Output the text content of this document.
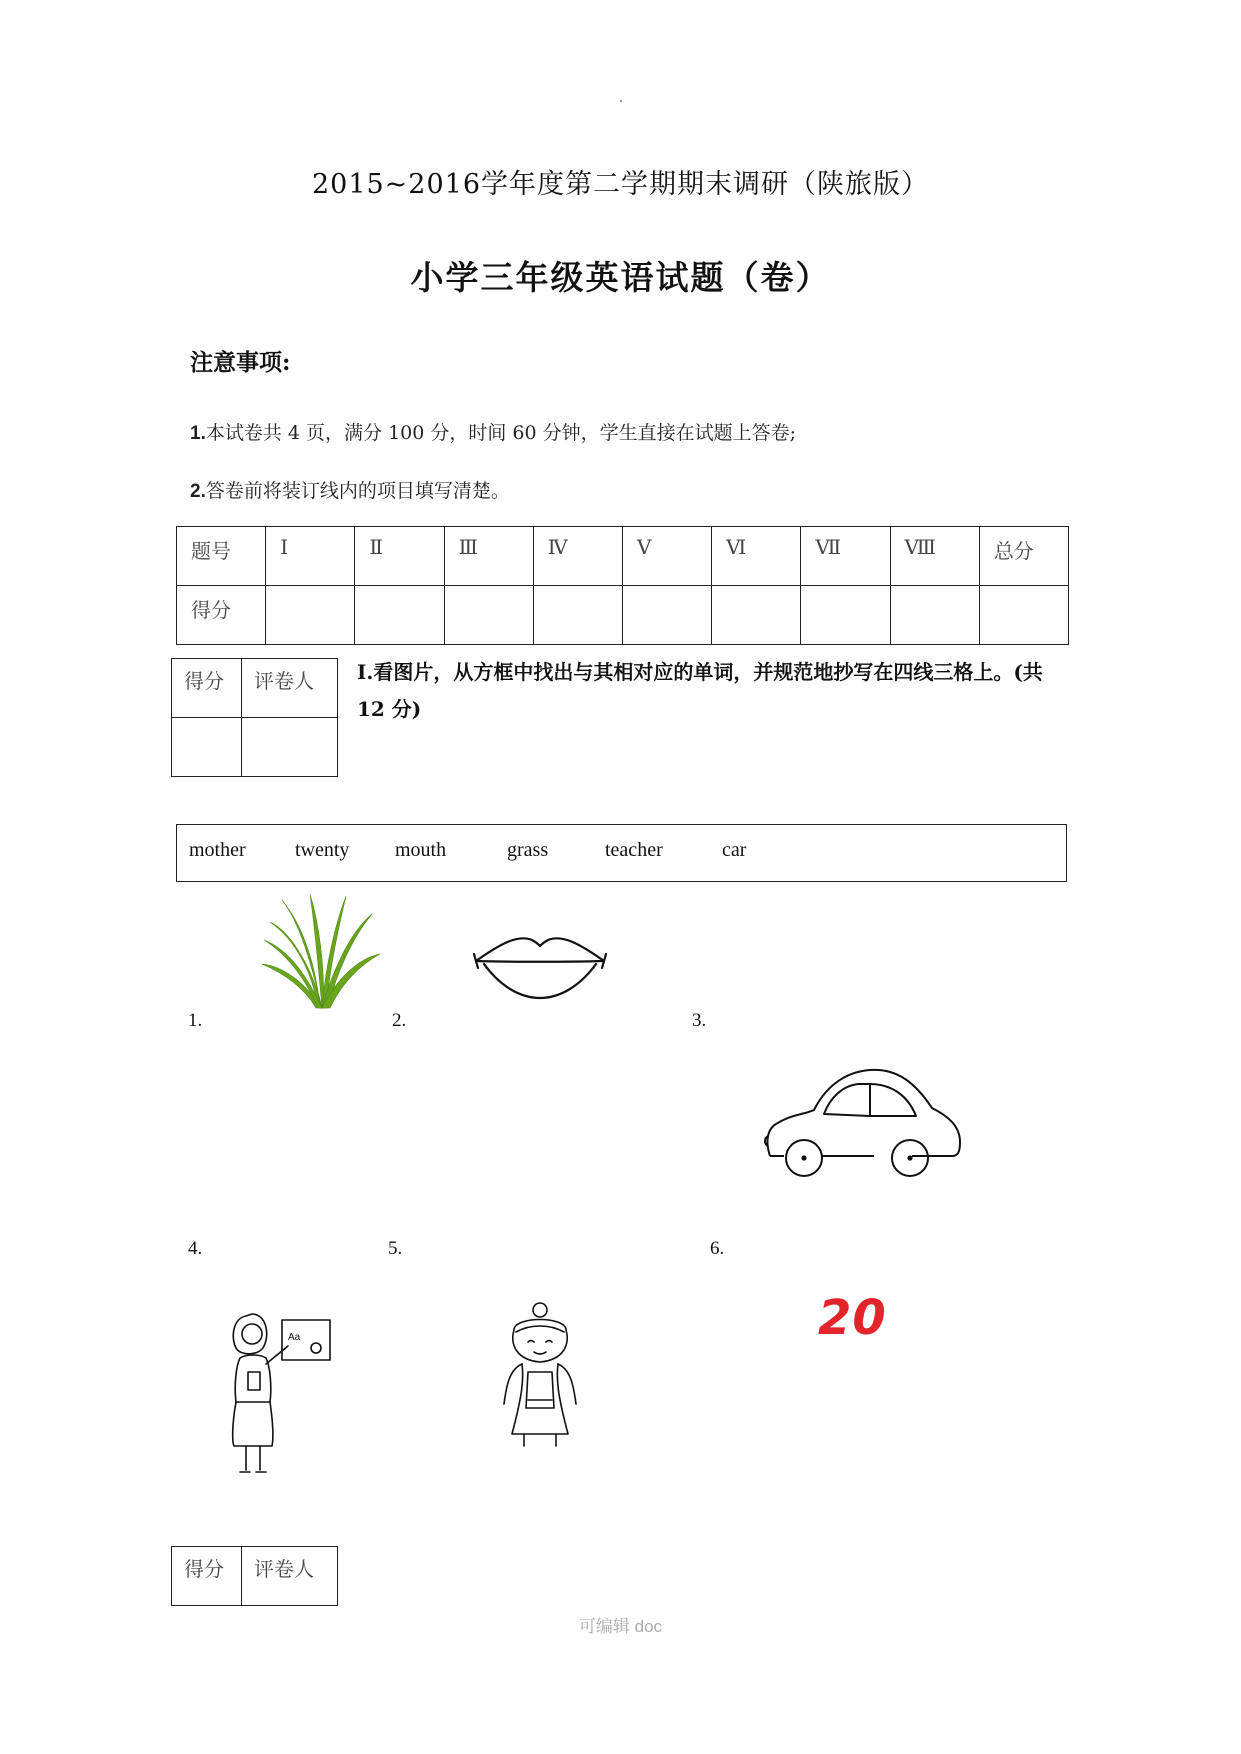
2015~2016学年度第二学期期末调研（陕旅版）
小学三年级英语试题（卷）
注意事项:
1.本试卷共 4 页，满分 100 分，时间 60 分钟，学生直接在试题上答卷;
2.答卷前将装订线内的项目填写清楚。
题号	Ⅰ	Ⅱ	Ⅲ	Ⅳ	Ⅴ	Ⅵ	Ⅶ	Ⅷ	总分
得分									
得分	评卷人
	Ⅰ.看图片，从方框中找出与其相对应的单词，并规范地抄写在四线三格上。(共 12 分)
mother twenty mouth	grass	teacher	car
1.	2.	3.
4.	5.	6.
Aa	20
得分	评卷人
可编辑 doc
